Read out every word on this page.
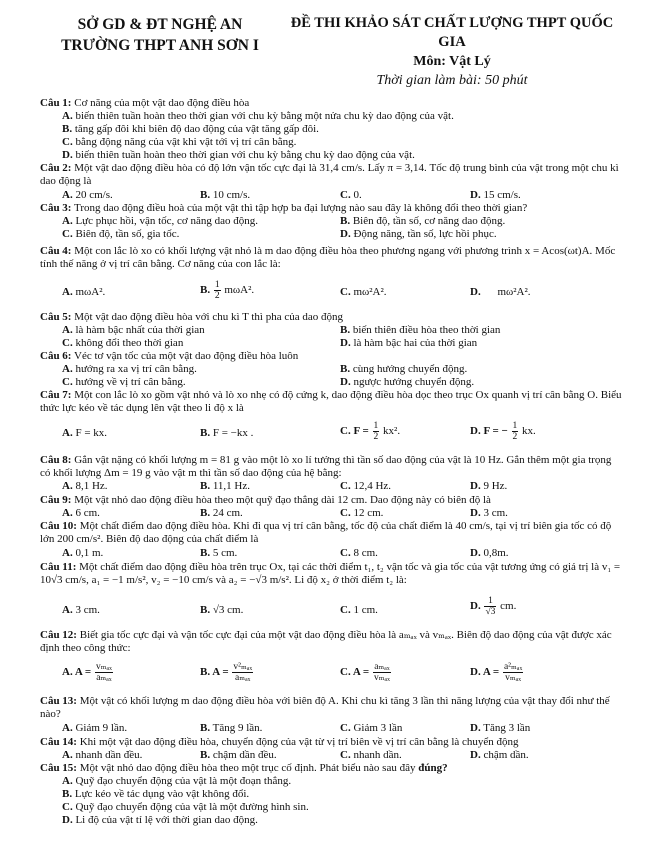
SỞ GD & ĐT NGHỆ AN
TRƯỜNG THPT ANH SƠN I
ĐỀ THI KHẢO SÁT CHẤT LƯỢNG THPT QUỐC GIA
Môn: Vật Lý
Thời gian làm bài: 50 phút
Câu 1: Cơ năng của một vật dao động điều hòa
A. biến thiên tuần hoàn theo thời gian với chu kỳ bằng một nửa chu kỳ dao động của vật.
B. tăng gấp đôi khi biên độ dao động của vật tăng gấp đôi.
C. bằng động năng của vật khi vật tới vị trí cân bằng.
D. biến thiên tuần hoàn theo thời gian với chu kỳ bằng chu kỳ dao động của vật.
Câu 2: Một vật dao động điều hòa có độ lớn vận tốc cực đại là 31,4 cm/s. Lấy π = 3,14. Tốc độ trung bình của vật trong một chu kì dao động là
A. 20 cm/s.	B. 10 cm/s.	C. 0.	D. 15 cm/s.
Câu 3: Trong dao động điều hoà của một vật thì tập hợp ba đại lượng nào sau đây là không đổi theo thời gian?
A. Lực phục hồi, vận tốc, cơ năng dao động.	B. Biên độ, tần số, cơ năng dao động.
C. Biên độ, tần số, gia tốc.	D. Động năng, tần số, lực hồi phục.
Câu 4: Một con lắc lò xo có khối lượng vật nhỏ là m dao động điều hòa theo phương ngang với phương trình x = Acos(ωt)A. Mốc tính thế năng ở vị trí cân bằng. Cơ năng của con lắc là:
A. mωA².	B. $\frac{1}{2} m\omega A^2$.	C. mω²A².	D. mω²A².
Câu 5: Một vật dao động điều hòa với chu kì T thì pha của dao động
A. là hàm bậc nhất của thời gian	B. biến thiên điều hòa theo thời gian
C. không đổi theo thời gian	D. là hàm bậc hai của thời gian
Câu 6: Véc tơ vận tốc của một vật dao động điều hòa luôn
A. hướng ra xa vị trí cân bằng.	B. cùng hướng chuyển động.
C. hướng về vị trí cân bằng.	D. ngược hướng chuyển động.
Câu 7: Một con lắc lò xo gồm vật nhỏ và lò xo nhẹ có độ cứng k, dao động điều hòa dọc theo trục Ox quanh vị trí cân bằng O. Biểu thức lực kéo về tác dụng lên vật theo li độ x là
A. F = kx.	B. F = −kx .	C. $F = \frac{1}{2} kx^2$.	D. F = − $\frac{1}{2}$ kx.
Câu 8: Gắn vật nặng có khối lượng m = 81 g vào một lò xo lí tưởng thì tần số dao động của vật là 10 Hz. Gắn thêm một gia trọng có khối lượng Δm = 19 g vào vật m thì tần số dao động của hệ bằng:
A. 8,1 Hz.	B. 11,1 Hz.	C. 12,4 Hz.	D. 9 Hz.
Câu 9: Một vật nhỏ dao động điều hòa theo một quỹ đạo thẳng dài 12 cm. Dao động này có biên độ là
A. 6 cm.	B. 24 cm.	C. 12 cm.	D. 3 cm.
Câu 10: Một chất điểm dao động điều hòa. Khi đi qua vị trí cân bằng, tốc độ của chất điểm là 40 cm/s, tại vị trí biên gia tốc có độ lớn 200 cm/s². Biên độ dao động của chất điểm là
A. 0,1 m.	B. 5 cm.	C. 8 cm.	D. 0,8m.
Câu 11: Một chất điểm dao động điều hòa trên trục Ox, tại các thời điểm t₁, t₂ vận tốc và gia tốc của vật tương ứng có giá trị là v₁ = 10√3 cm/s, a₁ = −1 m/s², v₂ = −10 cm/s và a₂ = −√3 m/s². Li độ x₂ ở thời điểm t₂ là:
A. 3 cm.	B. √3 cm.	C. 1 cm.	D. $\frac{1}{√3}$ cm.
Câu 12: Biết gia tốc cực đại và vận tốc cực đại của một vật dao động điều hòa là aₘₐₓ và vₘₐₓ. Biên độ dao động của vật được xác định theo công thức:
A. $A = \frac{\text{vₘₐₓ}}{\text{aₘₐₓ}}$	B. $A = \frac{\text{v²ₘₐₓ}}{\text{aₘₐₓ}}$	C. $A = \frac{\text{aₘₐₓ}}{\text{vₘₐₓ}}$	D. $A = \frac{\text{a²ₘₐₓ}}{\text{vₘₐₓ}}$
Câu 13: Một vật có khối lượng m dao động điều hòa với biên độ A. Khi chu kì tăng 3 lần thì năng lượng của vật thay đổi như thế nào?
A. Giảm 9 lần.	B. Tăng 9 lần.	C. Giảm 3 lần	D. Tăng 3 lần
Câu 14: Khi một vật dao động điều hòa, chuyển động của vật từ vị trí biên về vị trí cân bằng là chuyển động
A. nhanh dần đều.	B. chậm dần đều.	C. nhanh dần.	D. chậm dần.
Câu 15: Một vật nhỏ dao động điều hòa theo một trục cố định. Phát biểu nào sau đây đúng?
A. Quỹ đạo chuyển động của vật là một đoạn thẳng.
B. Lực kéo về tác dụng vào vật không đổi.
C. Quỹ đạo chuyển động của vật là một đường hình sin.
D. Li độ của vật tỉ lệ với thời gian dao động.
